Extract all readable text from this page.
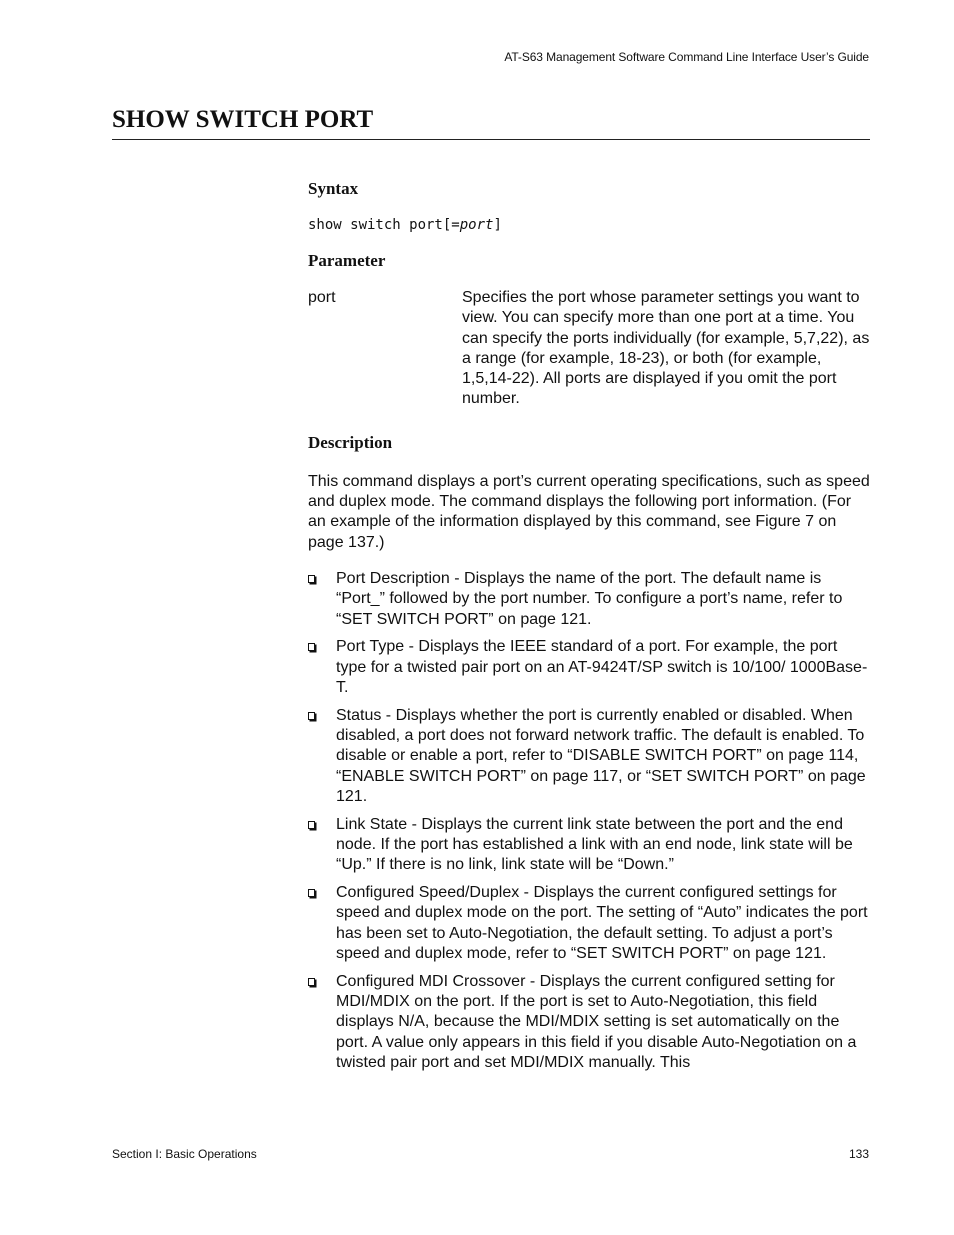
AT-S63 Management Software Command Line Interface User’s Guide
SHOW SWITCH PORT
Syntax
show switch port[=port]
Parameter
port	Specifies the port whose parameter settings you want to view. You can specify more than one port at a time. You can specify the ports individually (for example, 5,7,22), as a range (for example, 18-23), or both (for example, 1,5,14-22). All ports are displayed if you omit the port number.
Description

This command displays a port’s current operating specifications, such as speed and duplex mode. The command displays the following port information. (For an example of the information displayed by this command, see Figure 7 on page 137.)

Port Description - Displays the name of the port. The default name is “Port_” followed by the port number. To configure a port’s name, refer to “SET SWITCH PORT” on page 121.
Port Type - Displays the IEEE standard of a port. For example, the port type for a twisted pair port on an AT-9424T/SP switch is 10/100/ 1000Base-T.
Status - Displays whether the port is currently enabled or disabled. When disabled, a port does not forward network traffic. The default is enabled. To disable or enable a port, refer to “DISABLE SWITCH PORT” on page 114, “ENABLE SWITCH PORT” on page 117, or “SET SWITCH PORT” on page 121.
Link State - Displays the current link state between the port and the end node. If the port has established a link with an end node, link state will be “Up.” If there is no link, link state will be “Down.”
Configured Speed/Duplex - Displays the current configured settings for speed and duplex mode on the port. The setting of “Auto” indicates the port has been set to Auto-Negotiation, the default setting. To adjust a port’s speed and duplex mode, refer to “SET SWITCH PORT” on page 121.
Configured MDI Crossover - Displays the current configured setting for MDI/MDIX on the port. If the port is set to Auto-Negotiation, this field displays N/A, because the MDI/MDIX setting is set automatically on the port. A value only appears in this field if you disable Auto-Negotiation on a twisted pair port and set MDI/MDIX manually. This
Section I: Basic Operations	133
